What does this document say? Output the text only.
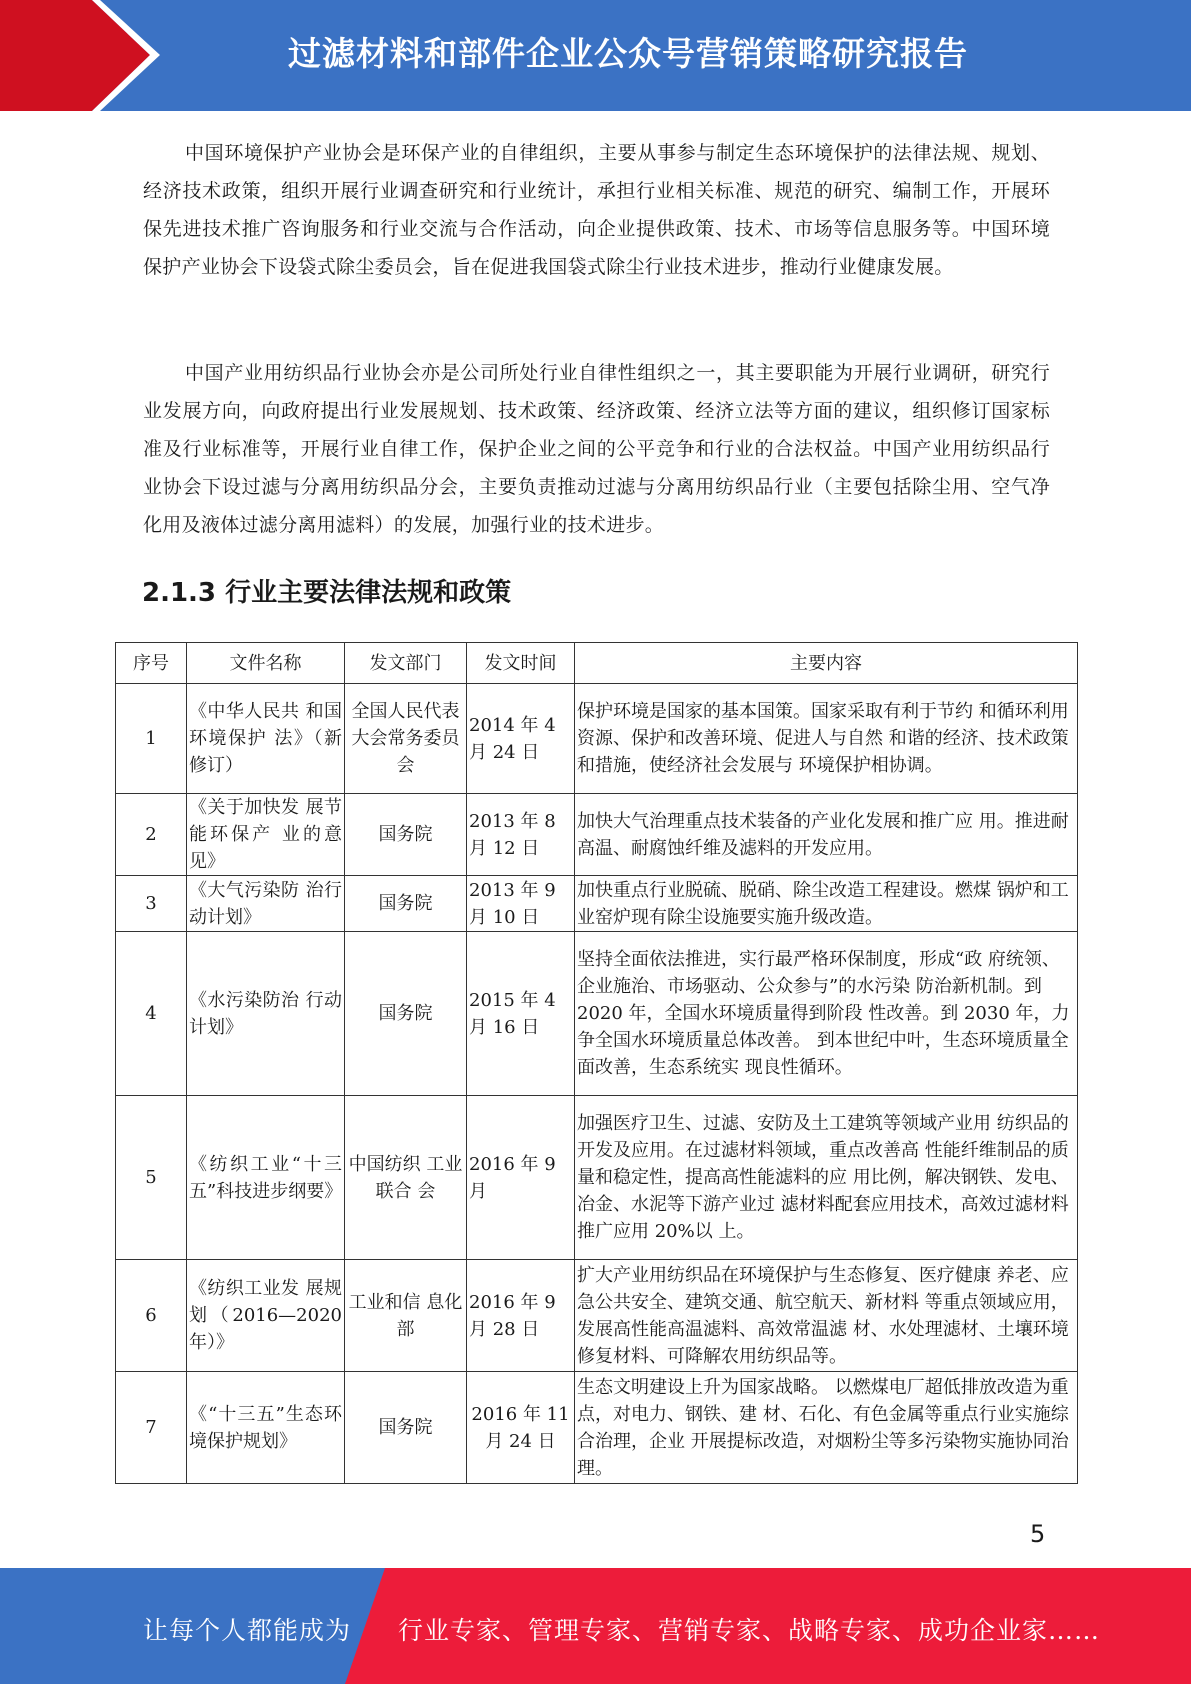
过滤材料和部件企业公众号营销策略研究报告

中国环境保护产业协会是环保产业的自律组织，主要从事参与制定生态环境保护的法律法规、规划、经济技术政策，组织开展行业调查研究和行业统计，承担行业相关标准、规范的研究、编制工作，开展环保先进技术推广咨询服务和行业交流与合作活动，向企业提供政策、技术、市场等信息服务等。中国环境保护产业协会下设袋式除尘委员会，旨在促进我国袋式除尘行业技术进步，推动行业健康发展。

中国产业用纺织品行业协会亦是公司所处行业自律性组织之一，其主要职能为开展行业调研，研究行业发展方向，向政府提出行业发展规划、技术政策、经济政策、经济立法等方面的建议，组织修订国家标准及行业标准等，开展行业自律工作，保护企业之间的公平竞争和行业的合法权益。中国产业用纺织品行业协会下设过滤与分离用纺织品分会，主要负责推动过滤与分离用纺织品行业（主要包括除尘用、空气净化用及液体过滤分离用滤料）的发展，加强行业的技术进步。

2.1.3 行业主要法律法规和政策
序号	文件名称	发文部门	发文时间	主要内容
1	《中华人民共 和国环境保护 法》（新修订）	全国人民代表大会常务委员会	2014 年 4 月 24 日	保护环境是国家的基本国策。国家采取有利于节约 和循环利用资源、保护和改善环境、促进人与自然 和谐的经济、技术政策和措施，使经济社会发展与 环境保护相协调。
2	《关于加快发 展节能环保产 业的意见》	国务院	2013 年 8 月 12 日	加快大气治理重点技术装备的产业化发展和推广应 用。推进耐高温、耐腐蚀纤维及滤料的开发应用。
3	《大气污染防 治行动计划》	国务院	2013 年 9 月 10 日	加快重点行业脱硫、脱硝、除尘改造工程建设。燃煤 锅炉和工业窑炉现有除尘设施要实施升级改造。
4	《水污染防治 行动计划》	国务院	2015 年 4 月 16 日	坚持全面依法推进，实行最严格环保制度，形成“政 府统领、企业施治、市场驱动、公众参与”的水污染 防治新机制。到 2020 年，全国水环境质量得到阶段 性改善。到 2030 年，力争全国水环境质量总体改善。 到本世纪中叶，生态环境质量全面改善，生态系统实 现良性循环。
5	《纺织工业“十三五”科技进步纲要》	中国纺织 工业联合 会	2016 年 9 月	加强医疗卫生、过滤、安防及土工建筑等领域产业用 纺织品的开发及应用。在过滤材料领域，重点改善高 性能纤维制品的质量和稳定性，提高高性能滤料的应 用比例，解决钢铁、发电、冶金、水泥等下游产业过 滤材料配套应用技术，高效过滤材料推广应用 20%以 上。
6	《纺织工业发 展规划（2016—2020 年）》	工业和信 息化部	2016 年 9 月 28 日	扩大产业用纺织品在环境保护与生态修复、医疗健康 养老、应急公共安全、建筑交通、航空航天、新材料 等重点领域应用，发展高性能高温滤料、高效常温滤 材、水处理滤材、土壤环境修复材料、可降解农用纺织品等。
7	《“十三五”生态环境保护规划》	国务院	2016 年 11 月 24 日	生态文明建设上升为国家战略。 以燃煤电厂超低排放改造为重点，对电力、钢铁、建 材、石化、有色金属等重点行业实施综合治理，企业 开展提标改造，对烟粉尘等多污染物实施协同治理。
5
让每个人都能成为 行业专家、管理专家、营销专家、战略专家、成功企业家……
